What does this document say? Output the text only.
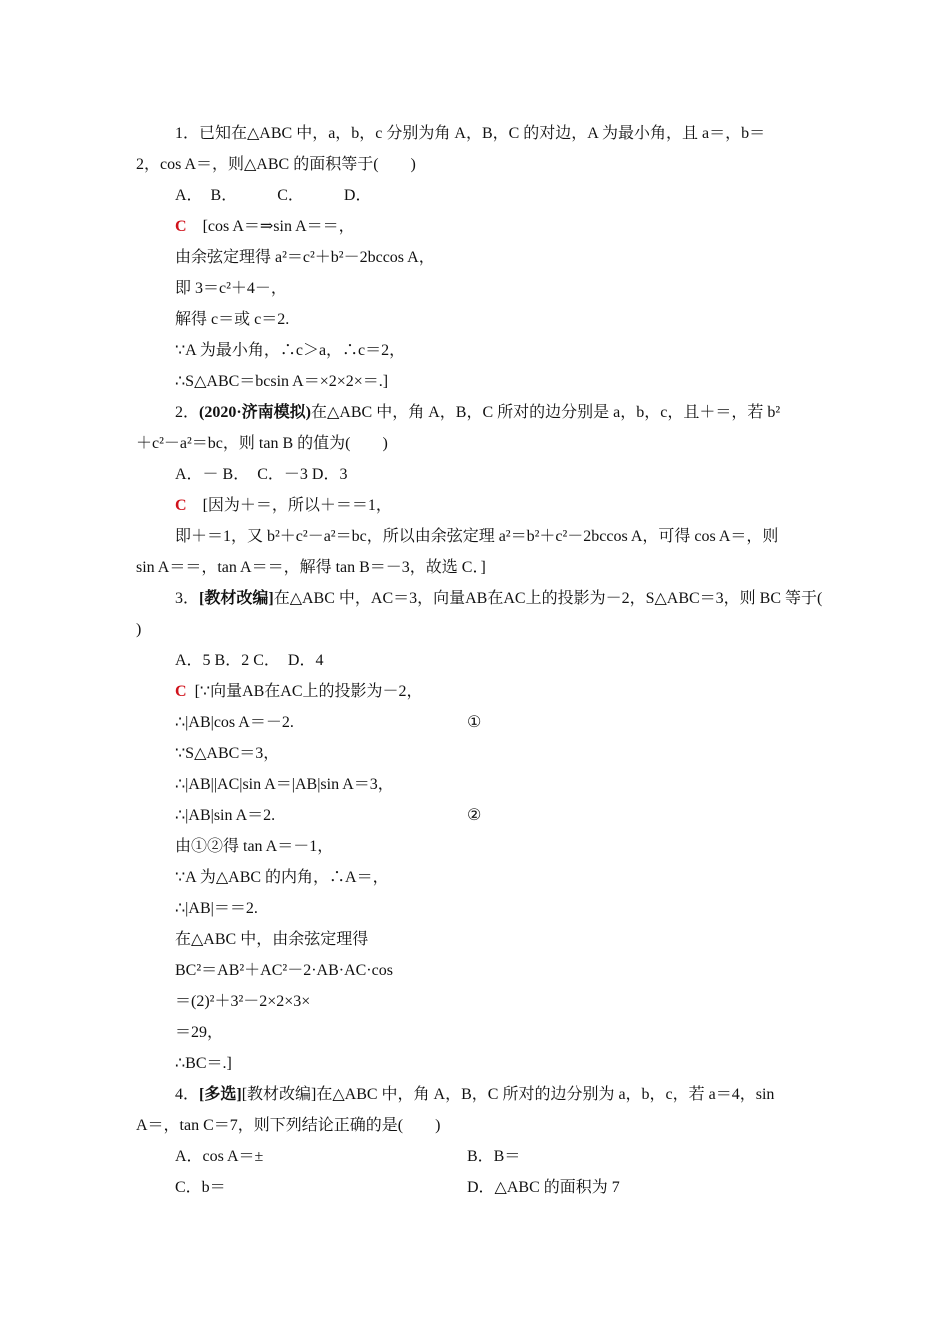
1．已知在△ABC 中，a，b，c 分别为角 A，B，C 的对边，A 为最小角，且 a＝，b＝
2，cos A＝，则△ABC 的面积等于(　　)
A．　B．　　　C．　　　D．
C [cos A＝⇒sin A＝＝，
由余弦定理得 a²＝c²＋b²－2bccos A，
即 3＝c²＋4－，
解得 c＝或 c＝2.
∵A 为最小角，∴c＞a，∴c＝2，
∴S△ABC＝bcsin A＝×2×2×＝.]
2．(2020·济南模拟)在△ABC 中，角 A，B，C 所对的边分别是 a，b，c，且＋＝，若 b²
＋c²－a²＝bc，则 tan B 的值为(　　)
A．－ B．　C．－3 D．3
C [因为＋＝，所以＋＝＝1，
即＋＝1，又 b²＋c²－a²＝bc，所以由余弦定理 a²＝b²＋c²－2bccos A，可得 cos A＝，则
sin A＝＝，tan A＝＝，解得 tan B＝－3，故选 C．]
3．[教材改编]在△ABC 中，AC＝3，向量AB在AC上的投影为－2，S△ABC＝3，则 BC 等于(
)
A．5 B．2 C．　D．4
C [∵向量AB在AC上的投影为－2，
∴|AB|cos A＝－2.	①
∵S△ABC＝3，
∴|AB||AC|sin A＝|AB|sin A＝3，
∴|AB|sin A＝2.	②
由①②得 tan A＝－1，
∵A 为△ABC 的内角，∴A＝，
∴|AB|＝＝2.
在△ABC 中，由余弦定理得
BC²＝AB²＋AC²－2·AB·AC·cos
＝(2)²＋3²－2×2×3×
＝29，
∴BC＝.]
4．[多选][教材改编]在△ABC 中，角 A，B，C 所对的边分别为 a，b，c，若 a＝4，sin
A＝，tan C＝7，则下列结论正确的是(　　)
A．cos A＝±	B．B＝
C．b＝	D．△ABC 的面积为 7
